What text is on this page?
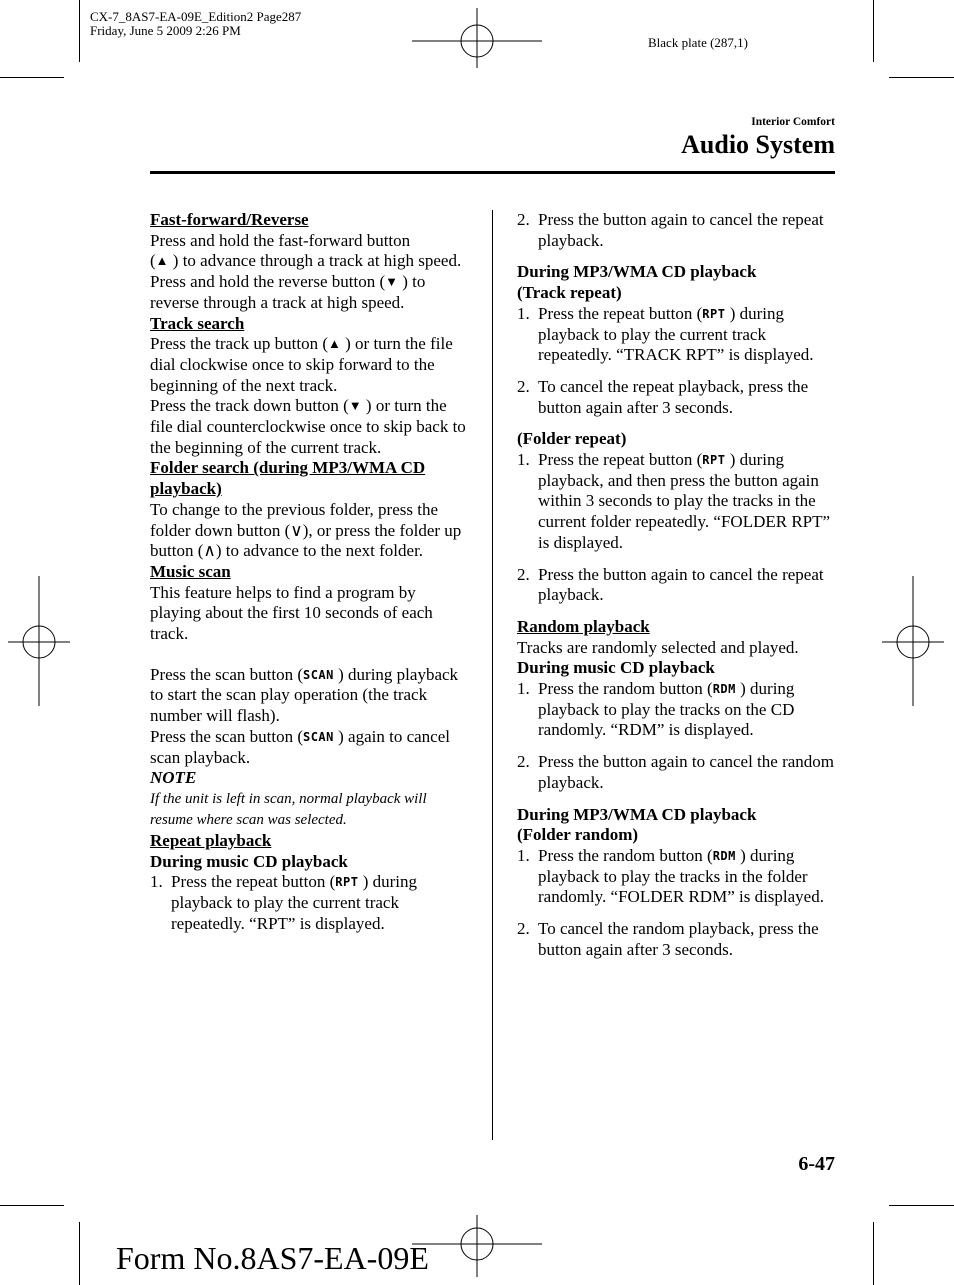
CX-7_8AS7-EA-09E_Edition2 Page287
Friday, June 5 2009 2:26 PM
Black plate (287,1)
Interior Comfort
Audio System

Fast-forward/Reverse

Press and hold the fast-forward button
(▲ ) to advance through a track at high speed.

Press and hold the reverse button (▼ ) to reverse through a track at high speed.

Track search

Press the track up button (▲ ) or turn the file dial clockwise once to skip forward to the beginning of the next track.

Press the track down button (▼ ) or turn the file dial counterclockwise once to skip back to the beginning of the current track.

Folder search (during MP3/WMA CD playback)

To change to the previous folder, press the folder down button (∨), or press the folder up button (∧) to advance to the next folder.

Music scan

This feature helps to find a program by playing about the first 10 seconds of each track.

Press the scan button (SCAN ) during playback to start the scan play operation (the track number will flash).

Press the scan button (SCAN ) again to cancel scan playback.

NOTE

If the unit is left in scan, normal playback will resume where scan was selected.

Repeat playback

During music CD playback

1. Press the repeat button (RPT ) during playback to play the current track repeatedly. “RPT” is displayed.
2. Press the button again to cancel the repeat playback.

During MP3/WMA CD playback

(Track repeat)

1. Press the repeat button (RPT ) during playback to play the current track repeatedly. “TRACK RPT” is displayed.
2. To cancel the repeat playback, press the button again after 3 seconds.

(Folder repeat)

1. Press the repeat button (RPT ) during playback, and then press the button again within 3 seconds to play the tracks in the current folder repeatedly. “FOLDER RPT” is displayed.
2. Press the button again to cancel the repeat playback.

Random playback

Tracks are randomly selected and played.

During music CD playback

1. Press the random button (RDM ) during playback to play the tracks on the CD randomly. “RDM” is displayed.
2. Press the button again to cancel the random playback.

During MP3/WMA CD playback

(Folder random)

1. Press the random button (RDM ) during playback to play the tracks in the folder randomly. “FOLDER RDM” is displayed.
2. To cancel the random playback, press the button again after 3 seconds.
6-47
Form No.8AS7-EA-09E
